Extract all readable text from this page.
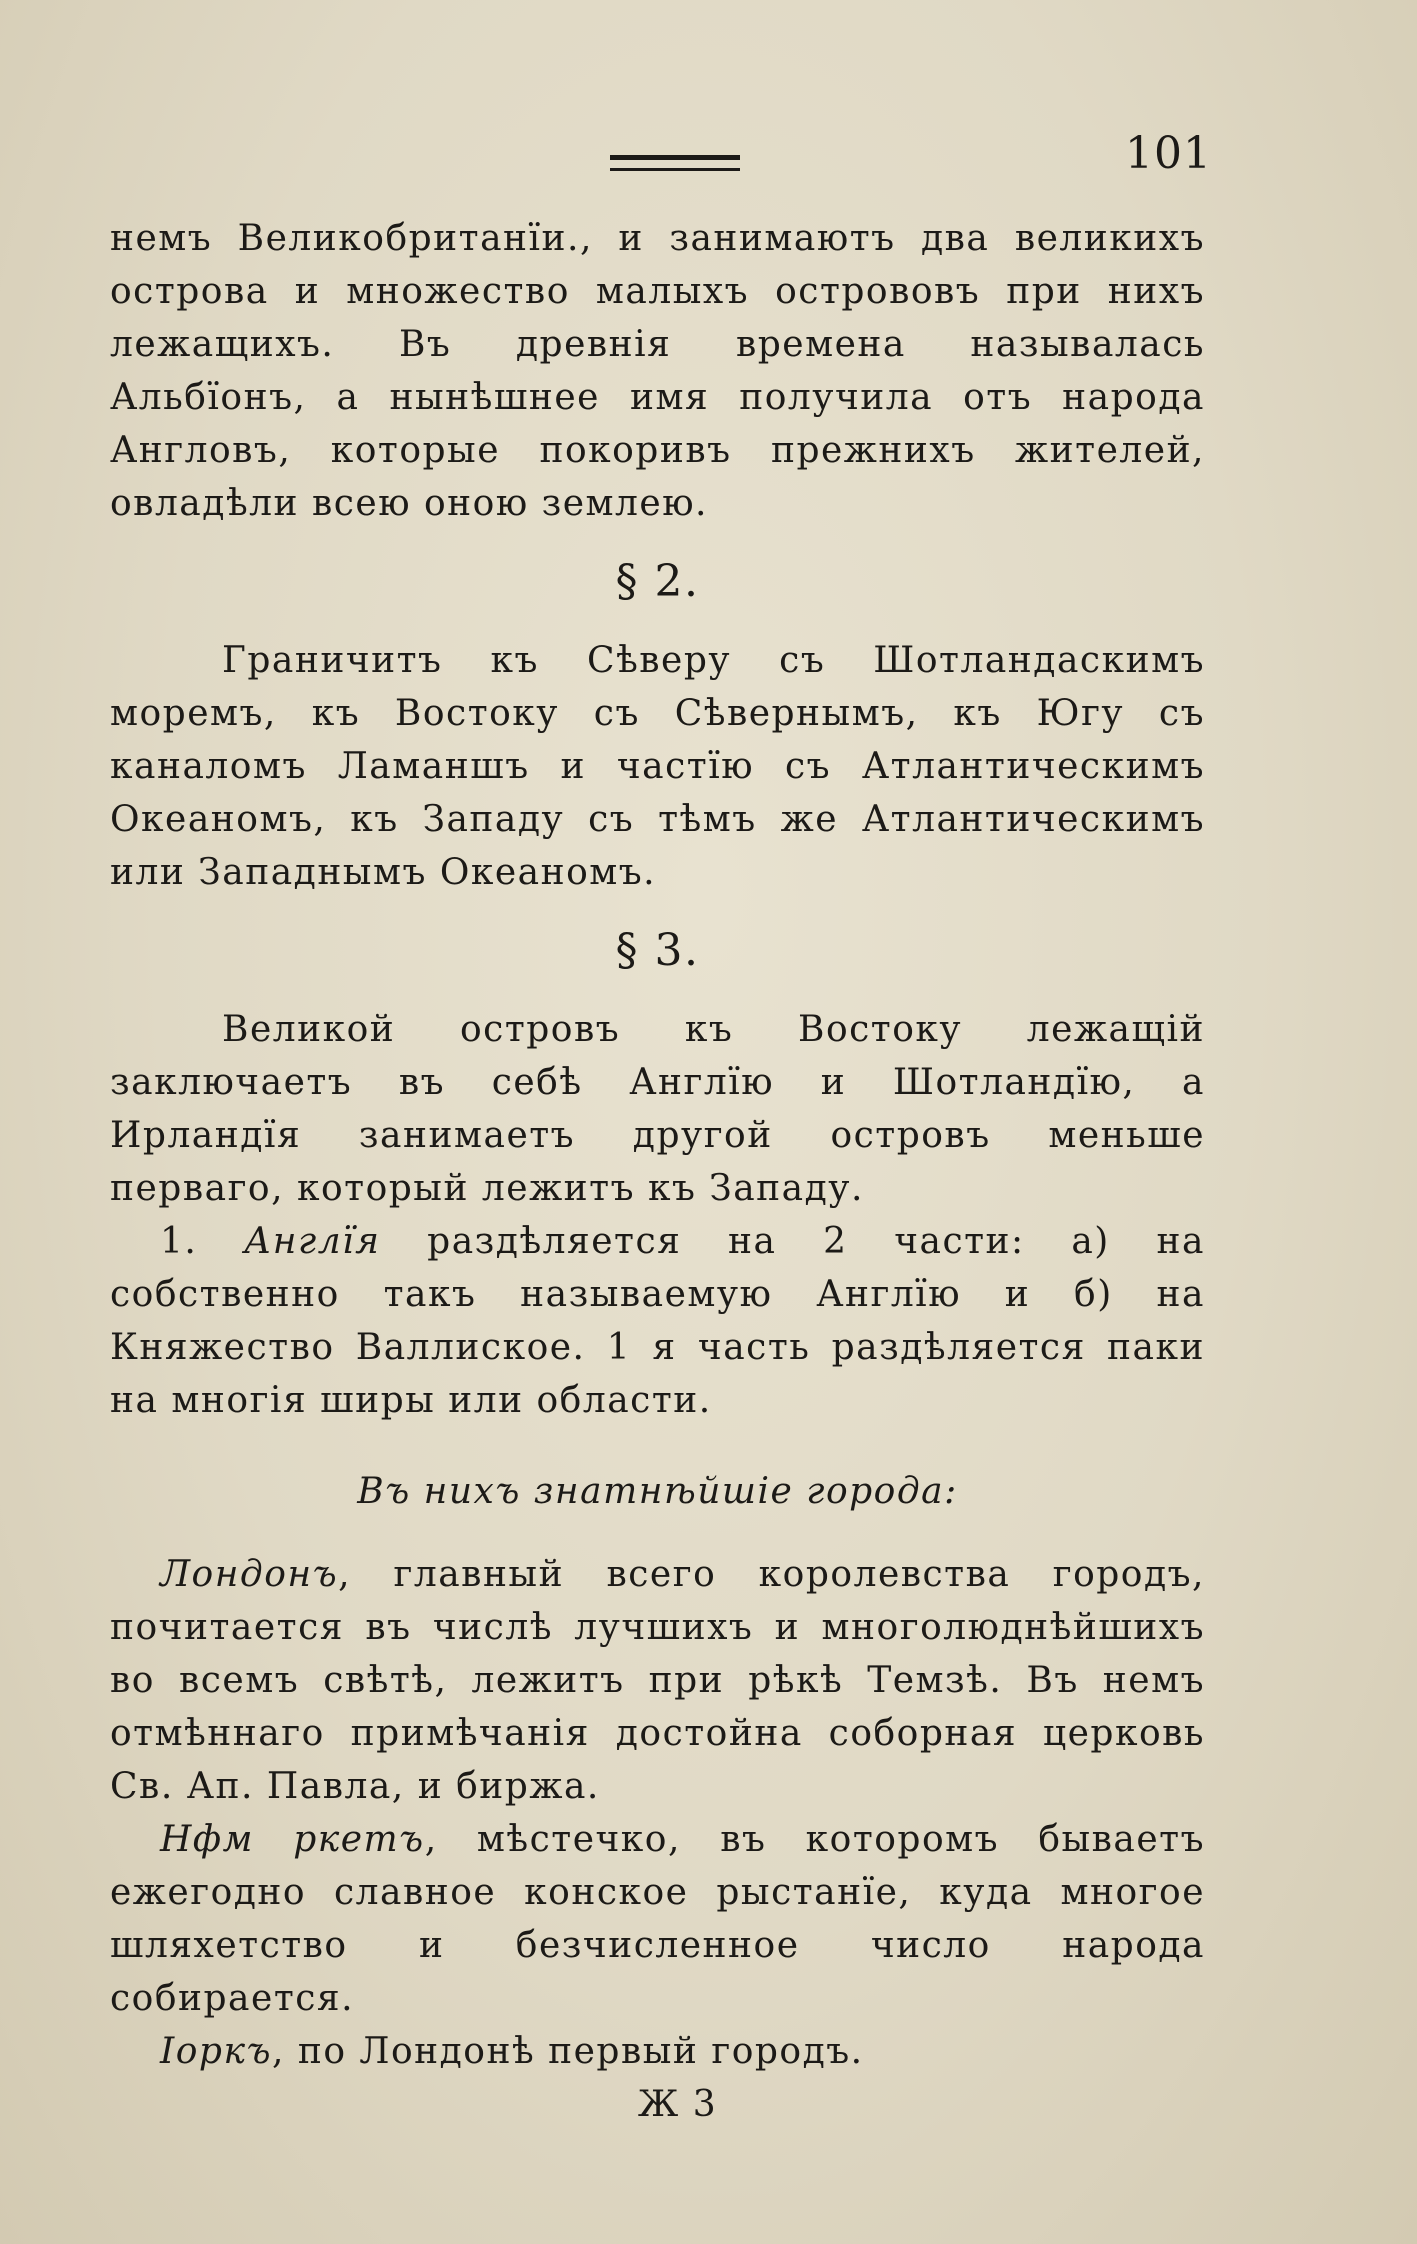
101

немъ Великобританïи., и занимаютъ два великихъ острова и множество малыхъ острововъ при нихъ лежащихъ. Въ древнiя времена называлась Альбïонъ, а нынѣшнее имя получила отъ народа Англовъ, которые покоривъ прежнихъ жителей, овладѣли всею оною землею.

§ 2.

Граничитъ къ Сѣверу съ Шотландаскимъ моремъ, къ Востоку съ Сѣвернымъ, къ Югу съ каналомъ Ламаншъ и частïю съ Атлантическимъ Океаномъ, къ Западу съ тѣмъ же Атлантическимъ или Западнымъ Океаномъ.

§ 3.

Великой островъ къ Востоку лежащiй заключаетъ въ себѣ Англïю и Шотландïю, а Ирландïя занимаетъ другой островъ меньше перваго, который лежитъ къ Западу.

1. Англïя раздѣляется на 2 части: а) на собственно такъ называемую Англïю и б) на Княжество Валлиское. 1 я часть раздѣляется паки на многiя ширы или области.

Въ нихъ знатнѣйшiе города:

Лондонъ, главный всего королевства городъ, почитается въ числѣ лучшихъ и многолюднѣйшихъ во всемъ свѣтѣ, лежитъ при рѣкѣ Темзѣ. Въ немъ отмѣннаго примѣчанiя достойна соборная церковь Св. Ап. Павла, и биржа.

Нфм ркетъ, мѣстечко, въ которомъ бываетъ ежегодно славное конское рыстанïе, куда многое шляхетство и безчисленное число народа собирается.

Iоркъ, по Лондонѣ первый городъ.

Ж 3
